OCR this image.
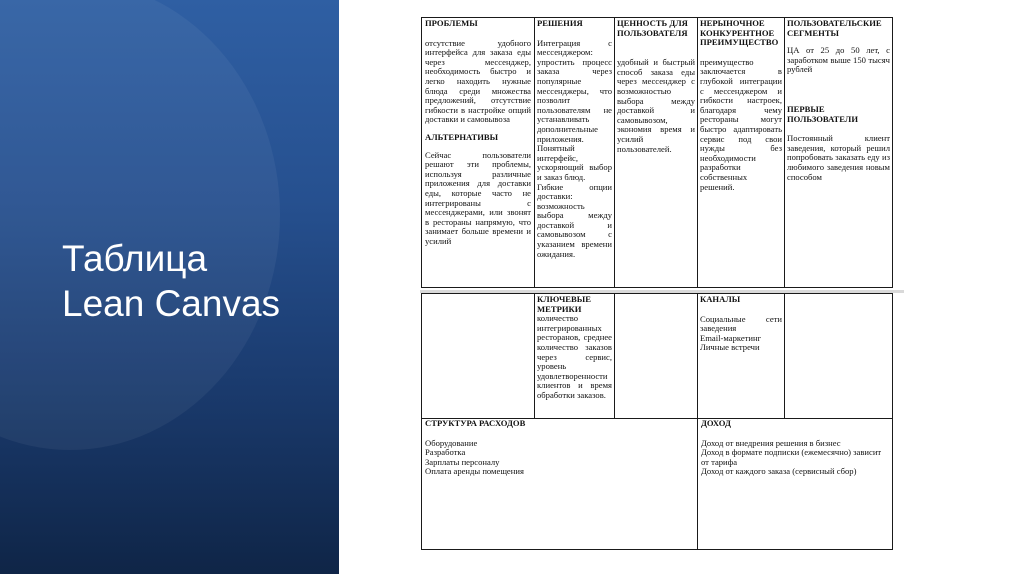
Таблица
Lean Canvas

ПРОБЛЕМЫ

отсутствие удобного интерфейса для заказа еды через мессенджер, необходимость быстро и легко находить нужные блюда среди множества предложений, отсутствие гибкости в настройке опций доставки и самовывоза

АЛЬТЕРНАТИВЫ

Сейчас пользователи решают эти проблемы, используя различные приложения для доставки еды, которые часто не интегрированы с мессенджерами, или звонят в рестораны напрямую, что занимает больше времени и усилий

РЕШЕНИЯ

Интеграция с мессенджером: упростить процесс заказа через популярные мессенджеры, что позволит пользователям не устанавливать дополнительные приложения.

Понятный интерфейс, ускоряющий выбор и заказ блюд.

Гибкие опции доставки: возможность выбора между доставкой и самовывозом с указанием времени ожидания.

ЦЕННОСТЬ ДЛЯ ПОЛЬЗОВАТЕЛЯ

удобный и быстрый способ заказа еды через мессенджер с возможностью выбора между доставкой и самовывозом, экономия время и усилий пользователей.

НЕРЫНОЧНОЕ КОНКУРЕНТНОЕ ПРЕИМУЩЕСТВО

преимущество заключается в глубокой интеграции с мессенджером и гибкости настроек, благодаря чему рестораны могут быстро адаптировать сервис под свои нужды без необходимости разработки собственных решений.

ПОЛЬЗОВАТЕЛЬСКИЕ СЕГМЕНТЫ

ЦА от 25 до 50 лет, с заработком выше 150 тысяч рублей

ПЕРВЫЕ ПОЛЬЗОВАТЕЛИ

Постоянный клиент заведения, который решил попробовать заказать еду из любимого заведения новым способом

КЛЮЧЕВЫЕ МЕТРИКИ

количество интегрированных ресторанов, среднее количество заказов через сервис, уровень удовлетворенности клиентов и время обработки заказов.

КАНАЛЫ

Социальные сети заведения

Email-маркетинг

Личные встречи

СТРУКТУРА РАСХОДОВ

Оборудование

Разработка

Зарплаты персоналу

Оплата аренды помещения

ДОХОД

Доход от внедрения решения в бизнес

Доход в формате подписки (ежемесячно) зависит от тарифа

Доход от каждого заказа (сервисный сбор)
